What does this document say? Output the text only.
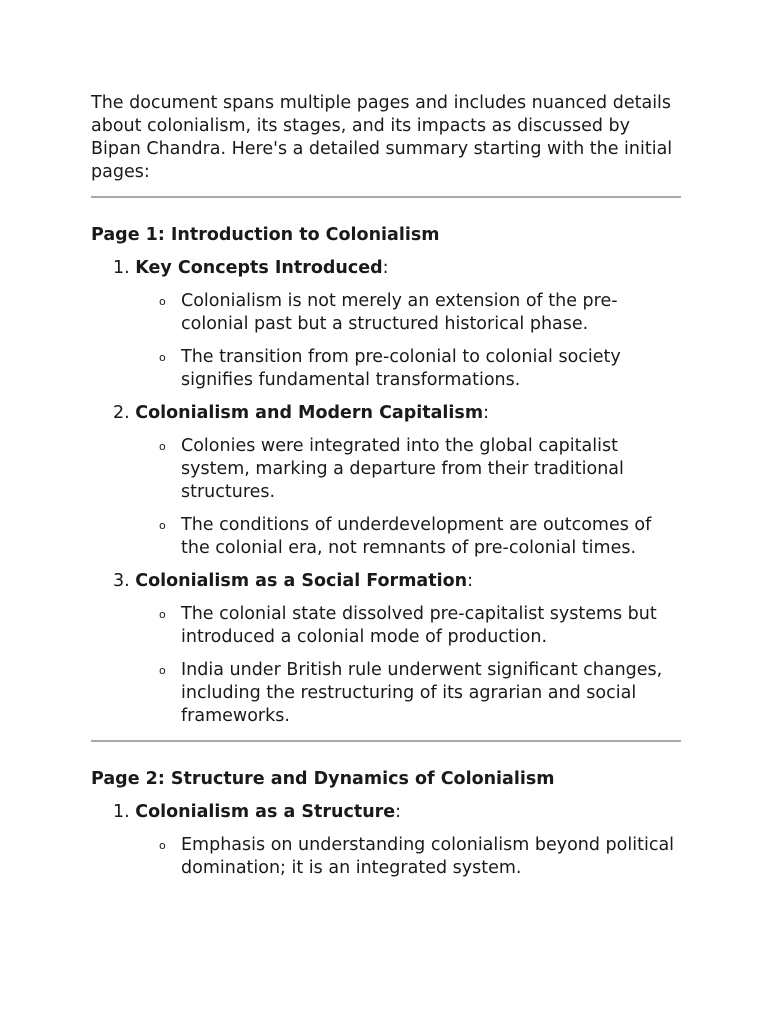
The document spans multiple pages and includes nuanced details about colonialism, its stages, and its impacts as discussed by Bipan Chandra. Here's a detailed summary starting with the initial pages:

Page 1: Introduction to Colonialism
1. Key Concepts Introduced:
o Colonialism is not merely an extension of the pre-colonial past but a structured historical phase.
o The transition from pre-colonial to colonial society signifies fundamental transformations.
2. Colonialism and Modern Capitalism:
o Colonies were integrated into the global capitalist system, marking a departure from their traditional structures.
o The conditions of underdevelopment are outcomes of the colonial era, not remnants of pre-colonial times.
3. Colonialism as a Social Formation:
o The colonial state dissolved pre-capitalist systems but introduced a colonial mode of production.
o India under British rule underwent significant changes, including the restructuring of its agrarian and social frameworks.
Page 2: Structure and Dynamics of Colonialism
1. Colonialism as a Structure:
o Emphasis on understanding colonialism beyond political domination; it is an integrated system.
